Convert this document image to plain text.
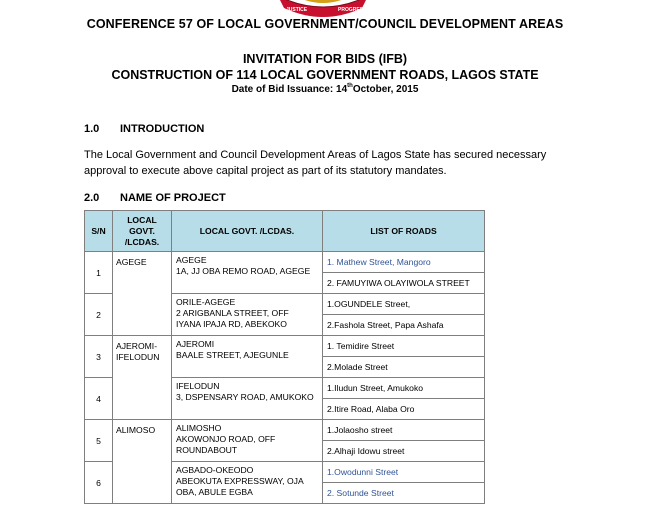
JUSTICE	PROGRESS
CONFERENCE 57 OF LOCAL GOVERNMENT/COUNCIL DEVELOPMENT AREAS
INVITATION FOR BIDS (IFB)
CONSTRUCTION OF 114 LOCAL GOVERNMENT ROADS, LAGOS STATE
Date of Bid Issuance: 14thOctober, 2015
1.0 INTRODUCTION
The Local Government and Council Development Areas of Lagos State has secured necessary approval to execute above capital project as part of its statutory mandates.
2.0 NAME OF PROJECT
S/N	LOCAL
GOVT.
/LCDAS.	LOCAL GOVT. /LCDAS.	LIST OF ROADS
1	AGEGE	AGEGE
1A, JJ OBA REMO ROAD, AGEGE	1. Mathew Street, Mangoro
			2. FAMUYIWA OLAYIWOLA STREET
2		ORILE-AGEGE
2 ARIGBANLA STREET, OFF
IYANA IPAJA RD, ABEKOKO	1.OGUNDELE Street,
			2.Fashola Street, Papa Ashafa
3	AJEROMI-IFELODUN	AJEROMI
BAALE STREET, AJEGUNLE	1. Temidire Street
			2.Molade Street
4		IFELODUN
3, DSPENSARY ROAD, AMUKOKO	1.Iludun Street, Amukoko
			2.Itire Road, Alaba Oro
5	ALIMOSO	ALIMOSHO
AKOWONJO ROAD, OFF
ROUNDABOUT	1.Jolaosho street
			2.Alhaji Idowu street
6		AGBADO-OKEODO
ABEOKUTA EXPRESSWAY, OJA
OBA, ABULE EGBA	1.Owodunni Street
			2. Sotunde Street
